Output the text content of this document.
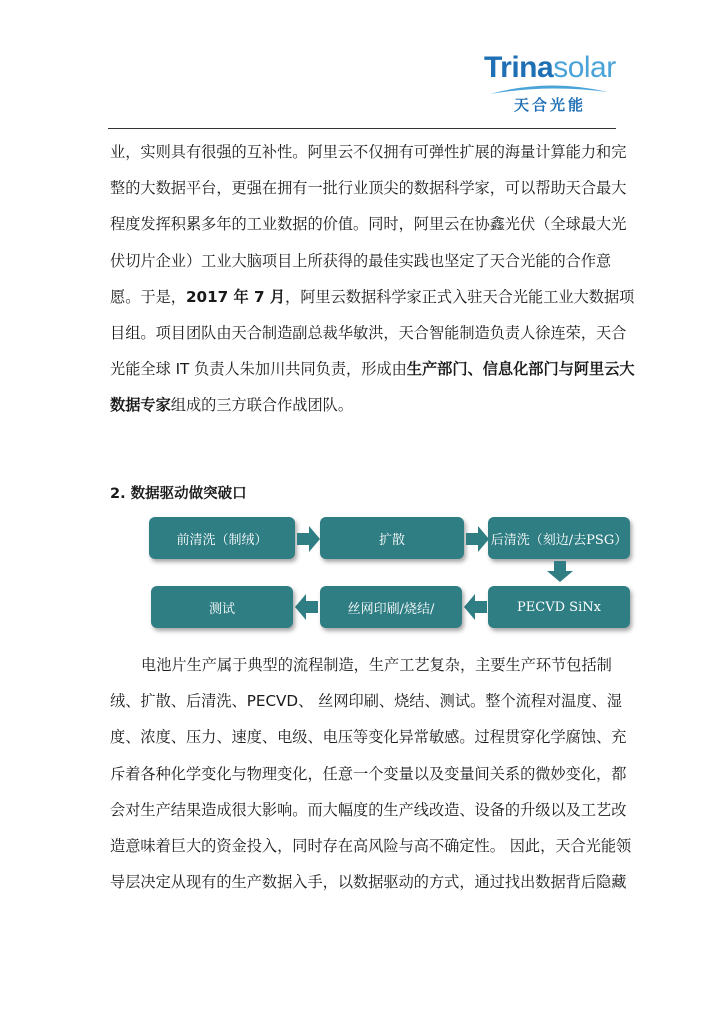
Trinasolar
天合光能
业，实则具有很强的互补性。阿里云不仅拥有可弹性扩展的海量计算能力和完
整的大数据平台，更强在拥有一批行业顶尖的数据科学家，可以帮助天合最大
程度发挥积累多年的工业数据的价值。同时，阿里云在协鑫光伏（全球最大光
伏切片企业）工业大脑项目上所获得的最佳实践也坚定了天合光能的合作意
愿。于是，2017 年 7 月，阿里云数据科学家正式入驻天合光能工业大数据项
目组。项目团队由天合制造副总裁华敏洪，天合智能制造负责人徐连荣，天合
光能全球 IT 负责人朱加川共同负责，形成由生产部门、信息化部门与阿里云大
数据专家组成的三方联合作战团队。
2. 数据驱动做突破口
前清洗（制绒）	扩散	后清洗（刻边/去PSG）
PECVD SiNx
丝网印刷/烧结/
测试
电池片生产属于典型的流程制造，生产工艺复杂，主要生产环节包括制
绒、扩散、后清洗、PECVD、 丝网印刷、烧结、测试。整个流程对温度、湿
度、浓度、压力、速度、电级、电压等变化异常敏感。过程贯穿化学腐蚀、充
斥着各种化学变化与物理变化，任意一个变量以及变量间关系的微妙变化，都
会对生产结果造成很大影响。而大幅度的生产线改造、设备的升级以及工艺改
造意味着巨大的资金投入，同时存在高风险与高不确定性。 因此，天合光能领
导层决定从现有的生产数据入手，以数据驱动的方式，通过找出数据背后隐藏
